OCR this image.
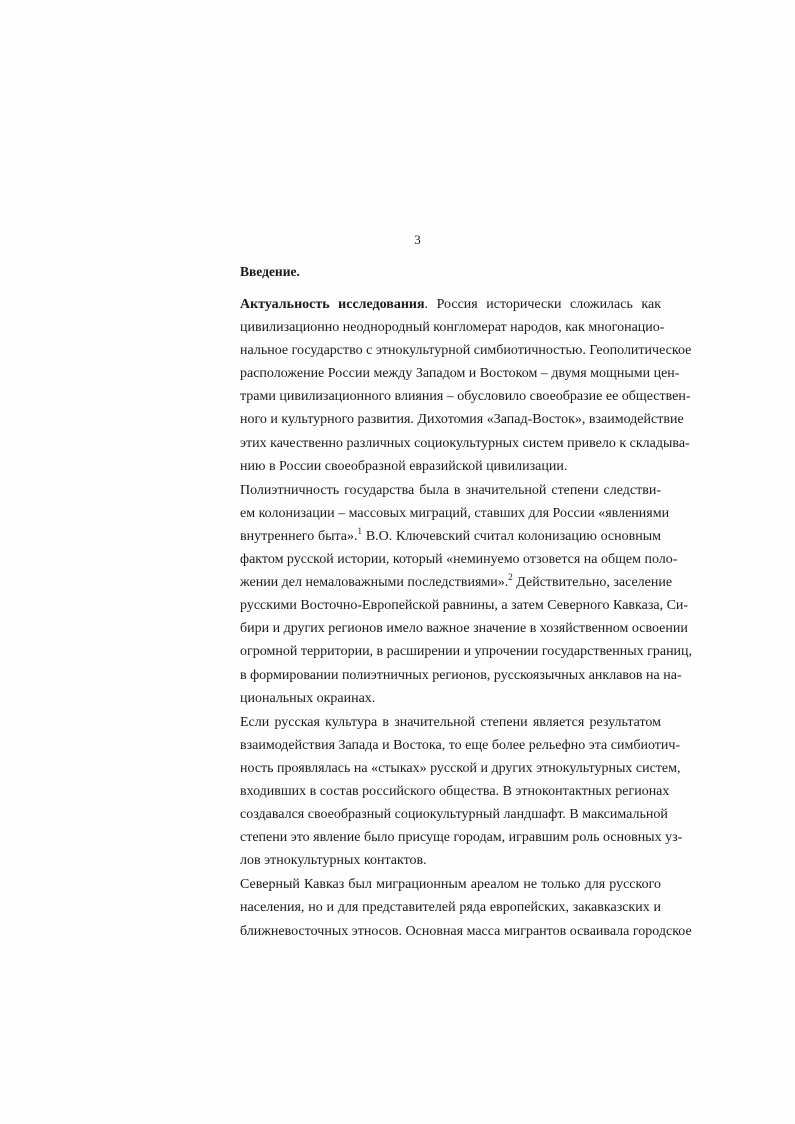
3
Введение.
Актуальность исследования. Россия исторически сложилась как
цивилизационно неоднородный конгломерат народов, как многонацио-
нальное государство с этнокультурной симбиотичностью. Геополитическое
расположение России между Западом и Востоком – двумя мощными цен-
трами цивилизационного влияния – обусловило своеобразие ее обществен-
ного и культурного развития. Дихотомия «Запад-Восток», взаимодействие
этих качественно различных социокультурных систем привело к складыва-
нию в России своеобразной евразийской цивилизации.
Полиэтничность государства была в значительной степени следстви-
ем колонизации – массовых миграций, ставших для России «явлениями
внутреннего быта».$^1$ В.О. Ключевский считал колонизацию основным
фактом русской истории, который «неминуемо отзовется на общем поло-
жении дел немаловажными последствиями».$^2$ Действительно, заселение
русскими Восточно-Европейской равнины, а затем Северного Кавказа, Си-
бири и других регионов имело важное значение в хозяйственном освоении
огромной территории, в расширении и упрочении государственных границ,
в формировании полиэтничных регионов, русскоязычных анклавов на на-
циональных окраинах.
Если русская культура в значительной степени является результатом
взаимодействия Запада и Востока, то еще более рельефно эта симбиотич-
ность проявлялась на «стыках» русской и других этнокультурных систем,
входивших в состав российского общества. В этноконтактных регионах
создавался своеобразный социокультурный ландшафт. В максимальной
степени это явление было присуще городам, игравшим роль основных уз-
лов этнокультурных контактов.
Северный Кавказ был миграционным ареалом не только для русского
населения, но и для представителей ряда европейских, закавказских и
ближневосточных этносов. Основная масса мигрантов осваивала городское
